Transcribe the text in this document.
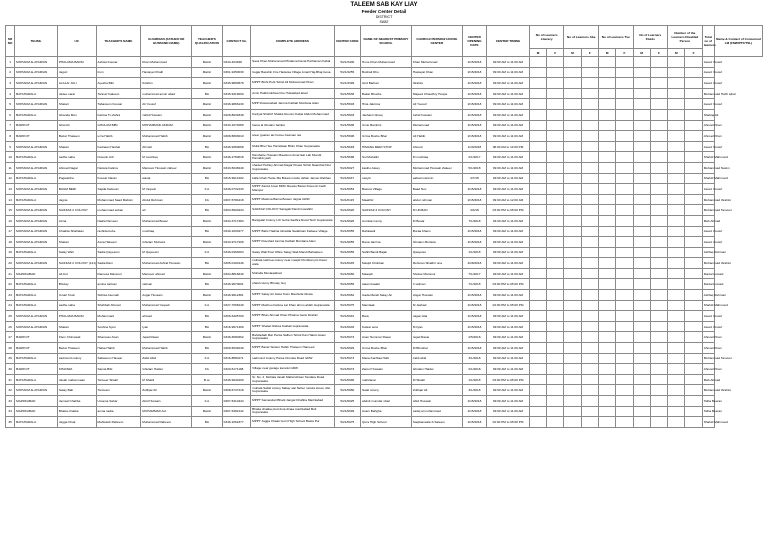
TALEEM SAB KAY LIAY
Feeder Center Detail
DISTRICT
SWAT
SR NO	TEHSIL	UC	TEACHER'S NAME	GUARDIAN (FATHER OR HUSBAND NAME)	TEACHER'S QUALIFICATION	CONTACT No	COMPLETE ADDRESS	CENTER CODE	NAME OF NEAREST PRIMARY SCHOOL	CHURCH/ PERSON/ HOUSE CENTER	CENTER OPENING DATE	CENTER TIMING	No of Learners Literacy		No of Learners Abe		No of Learners Tve		No of Learners Fluids		Number of the Learners Disabled Person		Total no of learners	Name & Contact of Concerned LM (FM/RPTF/TSL)
													M	F	M	F	M	F	M	F	M	F		
1	MOHAFIZ-E-ATARIAN	PHALAMA BARSI	Ashwa Kousar	Khan Mohammad	Matric	0344-404948	Sava Khan Mohammad Phalama Deval Parhaman Kabal	5/21/3400	Hone Khan Muhammad	Khan Muhammad	2/15/2018	09:00 AM to 11:00 AM											Javed Yousuf	
2	MOHAFIZ-E-ATARIAN	Jagori	Irum	Hastayet Khalil	Matric	0301-9450030	Gujjar Basshin Fire Hadarsa Village Amali Haj-Bhaj Gosa	5/21/4255	Bushali Dhu	Hastayat Khan	2/15/2018	09:00 AM to 11:00 AM											Javed Yousuf	
3	MOHAFIZ-E-ATARIAN	ALALAI JULI	Ayesha Bibi	Ibrahim	Matric	0345-9890578	MPPT Bishi Putti Tehsil Ali Mohammad Khan	5/21/4399	Gird Barbari	Ibrahim	2/15/2018	09:00 AM to 11:00 AM											Javed Yousuf	
4	BATAHARALA	Jadee sarai	Tannaz hakeem	muhammad amuir abad	BA	0345-9319000	Amin Pakhtunkhwa Fire Hukaabad abad	5/21/5536	Bakar Bhushe	Majeed Chaudhry Hospa	2/15/2018	09:00 AM to 11:00 AM											Muhammad Hafiz Iqbal	
5	MOHAFIZ-E-ATARIAN	Shatari	Tabassum Kousar	Ali Yousuf	Matric	0346-9866130	MPP Rustamabad Janrna Katbab Mordana Alam	5/21/5603	Hina Jakrima	Ali Yousuf	2/15/2018	09:00 AM to 11:00 AM											Javed Yousuf	
6	BATAHARALA	Ghanda Mon	Fatima Tu Zahra	zahid Hussain	Matric	0328-8939348	Kanlyal Shahrif Shalka Nooren Kabal Abdul Mohammad	5/21/5603	Jashani Ulmaq	zahid hussain	2/15/2018	09:00 AM to 11:00 AM											Shafiqa Ali	
7	BARIKOT	Ghal Ali	GHULAM BIBI	MOHAMMAD AKRAM	Matric	0343-1074089	hama al Ghulam barikot	5/21/5606	Umie Bambini	Muhammad	2/15/2018	09:00 AM to 11:00 AM											Ahmad Khan	
8	BARIKOT	Bazar Thaleem	uzra Habib	Muhammad Habib	Matric	0308-5893010	areer guaran aic hezee Asaman ras	5/21/5606	Uzma Bushe Bhai	Ali Habib	2/15/2018	09:00 AM to 11:00 AM											Ahmad Khan	
9	MOHAFIZ-E-ATARIAN	Shatari	hadnaan Hashai	Ahmeb	BA	0346-9360068	Mulik Bhel Tee Hamidaan Bhim Khan Gujranwala	5/21/5693	HIMANA MERI STOP	Ahmeb	11/3/2018	08:00 AM to 12:00 PM											Javed Yousuf	
10	BATAHARALA	sadhe saha	Nusurin Arif	M.mushtaq	Matric	0346-2760018	Nambarte Hussain Maudoon Amar Eat Lah Mundir Hamiddi yash	5/21/5698	Sul Mohallin	M mushtaq	2/1/2017	09:00 AM to 11:00 AM											Shahid Mahmood	
11	MOHAFIZ-E-ATARIAN	Ahmad Nagar	Nazara Fatima	Mansoor Hussain zaheer	Matric	0343-5048449	shaded Hobley Ahmad Nagar Khaas Tehsil Naarobat Dist Gujranwala	5/21/6027	kasihu Aiwey	Muhammad Hussain Zakeer	5/1/2018	09:00 AM to 11:00 AM											Muhammad Nasim	
12	BATAHARALA	Pagwartha	Kousar Nasim	wasta	BA	0315-9910102	kalla Chah Hoole Ma Bolaut mrabs Jahan Jaman Rakhan	5/21/6047	nasyin	aahad manmin	4/7/18	09:00 AM to 11:00 AM											Shahid Mahmood	
13	MOHAFIZ-E-ATARIAN	BAGM BERI	Sajida Kalsoom	M Yaqoob	F.A	0346-0732133	MPPT Zainul Amar MMC Rewan Bazar Kotel-oli Cadir Manipur	5/21/6053	Bazera Village	Baad Nov	2/15/2018	09:00 AM to 11:00 AM											Javed Yousuf	
14	BATAHARALA	Jagna	Muhammad Saad Mabsin	Abdul Rehman	FA	0307-5784218	MPPT Mastma Barna Bowen Jagna GRW	5/21/6115	Maakhiz	abdur rehman	2/15/2018	09:00 AM to 12:00 AM											Muhammad Ibrahim	
15	MOHAFIZ-E-ATARIAN	SAIFFAZ 2 COLONY	mohammad ashan	ali	BA	0303-5900434	SAIFFAZ COLONY Saragali Pandi Gosahibi	5/21/6020	SAIFFAZ 2 COLONY	M UKMAN	4/4/18	03:00 PM to 05:00 PM											Muhammad Tanveer	
16	MOHAFIZ-E-ATARIAN	Atrna	Nadia Parveen	Muhammad Boaar	Matric	0344-3717483	Banigalal Colony LIC Geha Sadhra Road Tech Gujranwala	5/21/6026	Aumtiar nanny	M Boaar	7/1/2018	04:00 AM to 11:00 AM											Mah Ahmad	
17	MOHAFIZ-E-ATARIAN	Chadda Shahtaan	rashida bebe	mushtaq	BA	0340-1003277	MPPT Bahs Hadina Ghadda Sadahsan Kabaee Village	5/21/6055	Rahkaadi	Buraa bhasn	2/15/2018	09:00 AM to 11:00 AM											Javed Yousuf	
18	MOHAFIZ-E-ATARIAN	Shatari	Asna Hakeem	Ghulam Murtaza	Matric	0344-9717206	MPPT Roushad Janrna Katbab Mordana Alam	5/21/6055	Rana Janrina	Ghulam Murtaza	2/15/2018	09:00 AM to 11:00 AM											Javed Yousuf	
19	BATAHARALA	Satay Wali	Sadia Qayeesm	M Qayeesm	F.A	0346-0464004	Satay Wali Post Office Satay Wali Mandi Bahadeen	5/21/6055	Sahili Bandi Bajan	Qaayusui	1/1/2018	09:00 AM to 11:00 AM											Ashfaq Rehman	
20	MOHAFIZ-E-ATARIAN	SAIFFAZ 2 COLONY (141)	Sadia Rani	Muhammad Ashraf Hussain	BA	0305-0100146	muhala rashrea colony near masjid Chobtian pis Kasor wala	5/21/6045	Masjid Chobtian	Rehman Shakhri una	4/28/2018	09:00 AM to 11:00 AM											Muhammad Ibrahim	
21	MAZRKABAD	Ali Kot	Ramesa Mansoor	Mansoor ahmad	Matric	0324-8816640	Mohalla Mustaqiabad	5/21/6060	Maaqsh	Shoker Mansoor	7/1/2017	09:00 AM to 11:00 AM											Danial Lumasl	
22	BATAHARALA	Bhutay	amina salman	salman	BA	0346-9970001	shaid colony Bhutay Goj	5/21/6055	aiaan Asaabi	h salman	7/1/2018	03:00 PM to 05:00 PM											Danial Lumasl	
23	BATAHARALA	Umari Town	Sidrisa Asemah	Asgar Hussain	Matric	0346-9912381	MPPT Satay Ali Jasta Town Mauhulla Ghata	5/21/6062	Gada Mandi Satay Ali	Asgar Hussain	2/15/2018	09:00 AM to 11:00 AM											Ashfaq Rehman	
24	BATAHARALA	sadhe saha	Shahbab Ahmad	Muhammad Yaqoob	F.A	0327-7096249	MPPT Mazhoo Fatima Lal Khan ahmo ahlah Gujranwala	5/21/6075	Mamlaak	M Jashad	2/15/2018	02:00 PM to 05:00 PM											Shahid Mahmood	
25	MOHAFIZ-E-ATARIAN	PHALAMA BARSI	Mohammad	ahmad	BA	0306-6405700	MPPT Bhan Ahmad Khan Phalma Garsi Ibrahim	5/21/6091	Bara	Jagan Alai	2/15/2018	09:00 AM to 11:00 AM											Javed Yousuf	
26	MOHAFIZ-E-ATARIAN	Shatari	Soshna Syon	Iyan	BA	0316-9971409	MPPT Shatari Rabsa Katbab Gujranwala	5/21/6003	Katsar sera	M Ilyas	2/15/2018	09:00 AM to 11:00 AM											Javed Yousuf	
27	BARIKOT	Klem Chimasali	Shamoan Asan	Jejad Rasai	Matric	0346-6680462	Bahdadadi Mar Parsa Salhen Tehsil Kan Hakim Asam Gujranwala	5/21/6073	Asan Nummar Rasai	Jejad Rasai	2/5/2018	09:00 AM to 11:00 AM											Ahmad Khan	
28	BARIKOT	Bazar Thaleem	Hafsa Habib	Muhammad Habib	BA	0309-5034049	MPPT Bazar Sulami Habib Thaleem Hameed	5/21/6029	Uzma Bushe Bhai	M Bhushal	2/15/2018	09:00 AM to 11:00 AM											Ahmad Khan	
29	BATAHARALA	sadmond colony	Sabasoon Hassar	Zabit Abid	F.A	0316-8880171	sadmund Colony Parsa Chunka Road GRW	5/21/6073	Mana Kachlaa Habi	zabit abid	3/1/2018	09:00 AM to 11:00 AM											Muhammad Tanveer	
30	BARIKOT	KHANWA	Samia Bibi	Ghulam Haider	FA	0320-5171168	Village near garage kamoki GRW	5/21/6073	Zamul Husaain	Ghulam Haider	2/1/2018	09:00 AM to 11:00 AM											Ahmad Khan	
31	BATAHARALA	Jasah mahal maan	Tanveer Shakil	M Shakil	B.sc	0346-9940100	Sr. No. 2. Mohala Jasah Mahal Ahsan Tandara Road Gujranwala	5/21/6090	mahiranai	M Shakil	1/1/2018	03:00 PM to 05:00 PM											Mah Ahmad	
32	MOHAFIZ-E-ATARIAN	Satay Bab	Tanzeem	Zulfiqar Ali	Matric	0308-6747218	muhala Sabal colony Saltay wal Neher molvia street, dist. Gujranwala	5/21/6080	Satal colony	Zulfiqar Ali	3/1/2018	09:00 AM to 11:00 AM											Muhammad Ibrahim	
33	MAZRKABAD	Jamsal Chahba	Umama Sahar	Abid Hussain	F.A	0307-5410444	MPPT Samandari Bhatti Jangal Chahba Mazrkabad	5/21/6025	abdull mumdar shari	Abid Hussain	2/15/2018	09:00 AM to 11:00 AM											Talha Beeran	
34	MAZRKABAD	Bhatta chakka	amna sadia	MUHAMMAD ALI	Matric	0307-6482142	Bhatta chakka pind dora dinaa mazrkabad Bolt Gujranwala	5/21/6099	Asam Bahgha	sadiq al muhammad	2/15/2018	09:00 AM to 11:00 AM											Talha Beeran	
35	BATAHARALA	Jagga Chak	Mahwash Raheem	Muhammad Raheem	BA	0346-1062377	MPPT Jagga Chaak Gurri High School Basta Pur	5/21/6075	Qura High School	Saqibanwala S Saleem	2/15/2018	02:00 PM to 05:00 PM											Shahid Mahmood	
